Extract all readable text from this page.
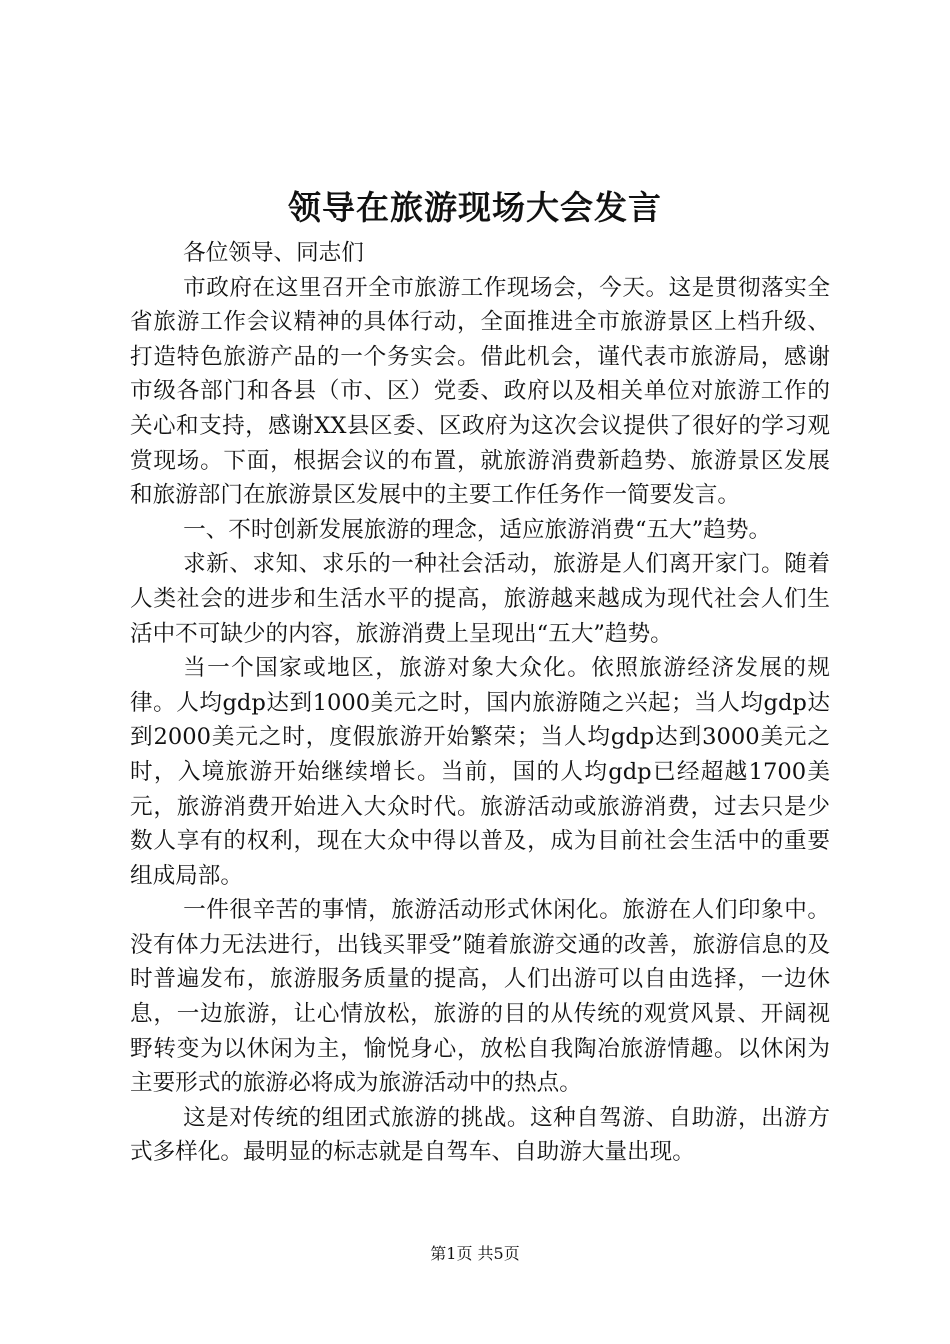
领导在旅游现场大会发言

各位领导、同志们

市政府在这里召开全市旅游工作现场会，今天。这是贯彻落实全省旅游工作会议精神的具体行动，全面推进全市旅游景区上档升级、打造特色旅游产品的一个务实会。借此机会，谨代表市旅游局，感谢市级各部门和各县（市、区）党委、政府以及相关单位对旅游工作的关心和支持，感谢XX县区委、区政府为这次会议提供了很好的学习观赏现场。下面，根据会议的布置，就旅游消费新趋势、旅游景区发展和旅游部门在旅游景区发展中的主要工作任务作一简要发言。

一、不时创新发展旅游的理念，适应旅游消费“五大”趋势。

求新、求知、求乐的一种社会活动，旅游是人们离开家门。随着人类社会的进步和生活水平的提高，旅游越来越成为现代社会人们生活中不可缺少的内容，旅游消费上呈现出“五大”趋势。

当一个国家或地区，旅游对象大众化。依照旅游经济发展的规律。人均gdp达到1000美元之时，国内旅游随之兴起；当人均gdp达到2000美元之时，度假旅游开始繁荣；当人均gdp达到3000美元之时，入境旅游开始继续增长。当前，国的人均gdp已经超越1700美元，旅游消费开始进入大众时代。旅游活动或旅游消费，过去只是少数人享有的权利，现在大众中得以普及，成为目前社会生活中的重要组成局部。

一件很辛苦的事情，旅游活动形式休闲化。旅游在人们印象中。没有体力无法进行，出钱买罪受”随着旅游交通的改善，旅游信息的及时普遍发布，旅游服务质量的提高，人们出游可以自由选择，一边休息，一边旅游，让心情放松，旅游的目的从传统的观赏风景、开阔视野转变为以休闲为主，愉悦身心，放松自我陶冶旅游情趣。以休闲为主要形式的旅游必将成为旅游活动中的热点。

这是对传统的组团式旅游的挑战。这种自驾游、自助游，出游方式多样化。最明显的标志就是自驾车、自助游大量出现。

第1页 共5页
